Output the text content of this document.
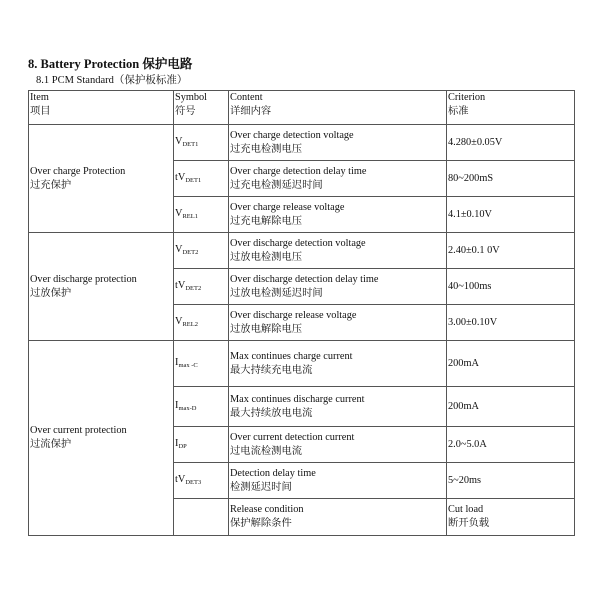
8. Battery Protection 保护电路
8.1 PCM Standard（保护板标准）
Item
项目	Symbol
符号	Content
详细内容	Criterion
标准

Over charge Protection
过充保护	$V_{DET1}$	Over charge detection voltage
过充电检测电压	4.280±0.05V
	$tV_{DET1}$	Over charge detection delay time
过充电检测延迟时间	80~200mS
	$V_{REL1}$	Over charge release voltage
过充电解除电压	4.1±0.10V

Over discharge protection
过放保护	$V_{DET2}$	Over discharge detection voltage
过放电检测电压	2.40±0.1 0V
	$tV_{DET2}$	Over discharge detection delay time
过放电检测延迟时间	40~100ms
	$V_{REL2}$	Over discharge release voltage
过放电解除电压	3.00±0.10V

Over current protection
过流保护	$I_{max -C}$	Max continues charge current
最大持续充电电流	200mA
	$I_{max-D}$	Max continues discharge current
最大持续放电电流	200mA
	$I_{DP}$	Over current detection current
过电流检测电流	2.0~5.0A
	$tV_{DET3}$	Detection delay time
检测延迟时间	5~20ms

		Release condition
保护解除条件	Cut load
断开负载
